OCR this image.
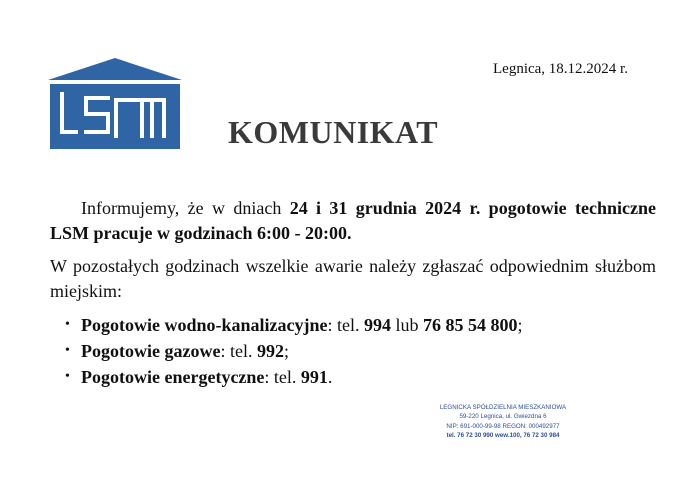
Legnica, 18.12.2024 r.
KOMUNIKAT

Informujemy, że w dniach 24 i 31 grudnia 2024 r. pogotowie techniczne LSM pracuje w godzinach 6:00 - 20:00.

W pozostałych godzinach wszelkie awarie należy zgłaszać odpowiednim służbom miejskim:

• Pogotowie wodno-kanalizacyjne: tel. 994 lub 76 85 54 800;
• Pogotowie gazowe: tel. 992;
• Pogotowie energetyczne: tel. 991.
LEGNICKA SPÓŁDZIELNIA MIESZKANIOWA
59-220 Legnica, ul. Gwiezdna 6
NIP: 691-000-99-98 REGON: 000492977
tel. 76 72 30 990 wew.100, 76 72 30 984
